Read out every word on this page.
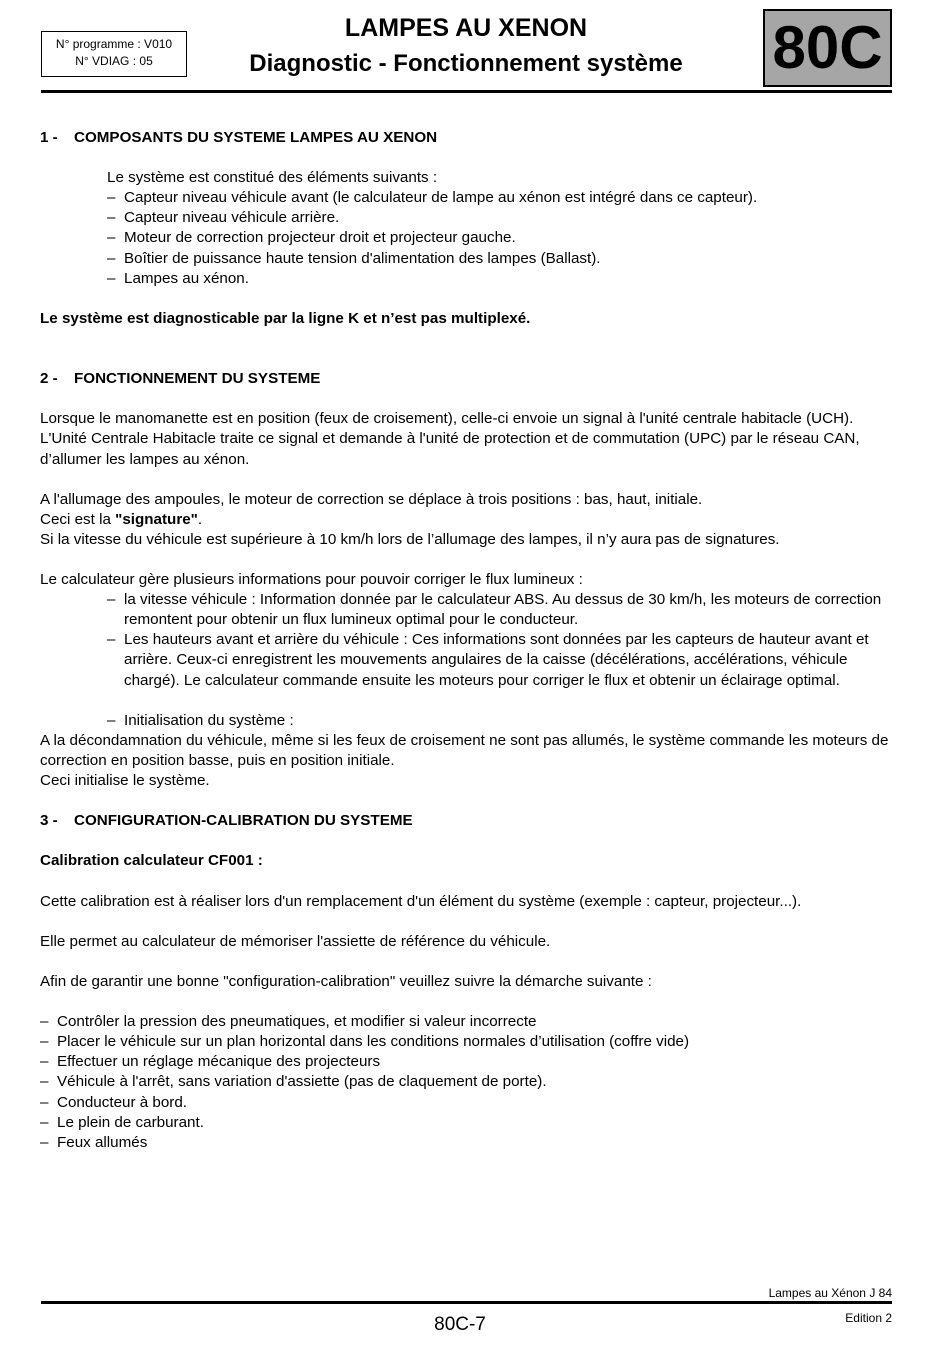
N° programme : V010
N° VDIAG : 05
LAMPES AU XENON
Diagnostic - Fonctionnement système	80C

1 - COMPOSANTS DU SYSTEME LAMPES AU XENON

Le système est constitué des éléments suivants :

– Capteur niveau véhicule avant (le calculateur de lampe au xénon est intégré dans ce capteur).

– Capteur niveau véhicule arrière.

– Moteur de correction projecteur droit et projecteur gauche.

– Boîtier de puissance haute tension d'alimentation des lampes (Ballast).

– Lampes au xénon.

Le système est diagnosticable par la ligne K et n’est pas multiplexé.

2 - FONCTIONNEMENT DU SYSTEME

Lorsque le manomanette est en position (feux de croisement), celle-ci envoie un signal à l'unité centrale habitacle (UCH). L'Unité Centrale Habitacle traite ce signal et demande à l'unité de protection et de commutation (UPC) par le réseau CAN, d’allumer les lampes au xénon.

A l'allumage des ampoules, le moteur de correction se déplace à trois positions : bas, haut, initiale.

Ceci est la "signature".

Si la vitesse du véhicule est supérieure à 10 km/h lors de l’allumage des lampes, il n’y aura pas de signatures.

Le calculateur gère plusieurs informations pour pouvoir corriger le flux lumineux :

– la vitesse véhicule : Information donnée par le calculateur ABS. Au dessus de 30 km/h, les moteurs de correction remontent pour obtenir un flux lumineux optimal pour le conducteur.

– Les hauteurs avant et arrière du véhicule : Ces informations sont données par les capteurs de hauteur avant et arrière. Ceux-ci enregistrent les mouvements angulaires de la caisse (décélérations, accélérations, véhicule chargé). Le calculateur commande ensuite les moteurs pour corriger le flux et obtenir un éclairage optimal.

– Initialisation du système :

A la décondamnation du véhicule, même si les feux de croisement ne sont pas allumés, le système commande les moteurs de correction en position basse, puis en position initiale.

Ceci initialise le système.

3 - CONFIGURATION-CALIBRATION DU SYSTEME

Calibration calculateur CF001 :

Cette calibration est à réaliser lors d'un remplacement d'un élément du système (exemple : capteur, projecteur...).

Elle permet au calculateur de mémoriser l'assiette de référence du véhicule.

Afin de garantir une bonne "configuration-calibration" veuillez suivre la démarche suivante :

– Contrôler la pression des pneumatiques, et modifier si valeur incorrecte

– Placer le véhicule sur un plan horizontal dans les conditions normales d’utilisation (coffre vide)

– Effectuer un réglage mécanique des projecteurs

– Véhicule à l'arrêt, sans variation d'assiette (pas de claquement de porte).

– Conducteur à bord.

– Le plein de carburant.

– Feux allumés

Lampes au Xénon J 84
80C-7	Edition 2
